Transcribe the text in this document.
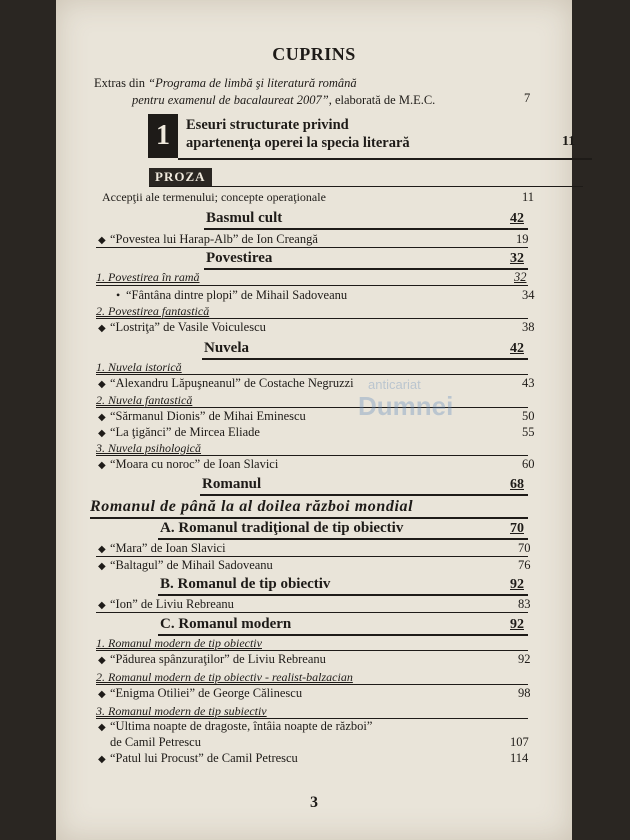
CUPRINS
Extras din “Programa de limbă şi literatură română
pentru examenul de bacalaureat 2007”, elaborată de M.E.C.	7
1	Eseuri structurate privind
apartenenţa operei la specia literară	11
PROZA
Accepţii ale termenului; concepte operaţionale	11
Basmul cult	42
◆ “Povestea lui Harap-Alb” de Ion Creangă	19
Povestirea	32
1. Povestirea în ramă	32
• “Fântâna dintre plopi” de Mihail Sadoveanu	34
2. Povestirea fantastică
◆ “Lostriţa” de Vasile Voiculescu	38
Nuvela	42
1. Nuvela istorică
◆ “Alexandru Lăpuşneanul” de Costache Negruzzi	43
2. Nuvela fantastică
◆ “Sărmanul Dionis” de Mihai Eminescu	50
◆ “La ţigănci” de Mircea Eliade	55
3. Nuvela psihologică
◆ “Moara cu noroc” de Ioan Slavici	60
Romanul	68
Romanul de până la al doilea război mondial
A. Romanul tradiţional de tip obiectiv	70
◆ “Mara” de Ioan Slavici	70
◆ “Baltagul” de Mihail Sadoveanu	76
B. Romanul de tip obiectiv	92
◆ “Ion” de Liviu Rebreanu	83
C. Romanul modern	92
1. Romanul modern de tip obiectiv
◆ “Pădurea spânzuraţilor” de Liviu Rebreanu	92
2. Romanul modern de tip obiectiv - realist-balzacian
◆ “Enigma Otiliei” de George Călinescu	98
3. Romanul modern de tip subiectiv
◆ “Ultima noapte de dragoste, întâia noapte de război”
de Camil Petrescu	107
◆ “Patul lui Procust” de Camil Petrescu	114
anticariat
Dumnei
3
